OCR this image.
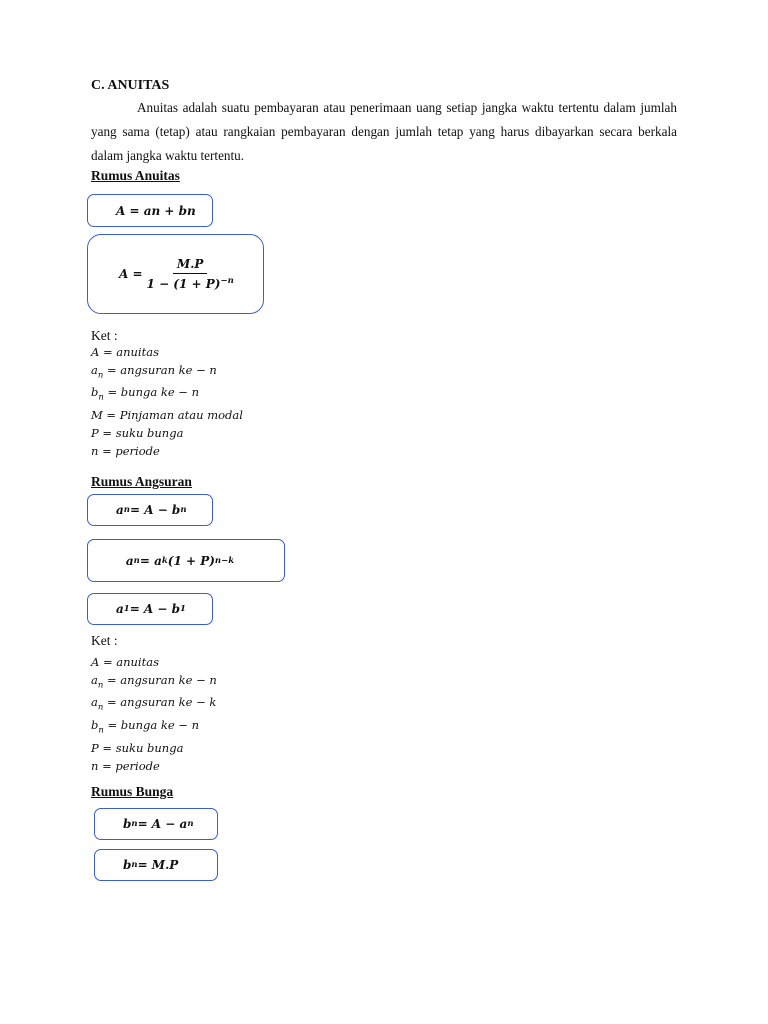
C. ANUITAS

Anuitas adalah suatu pembayaran atau penerimaan uang setiap jangka waktu tertentu dalam jumlah yang sama (tetap) atau rangkaian pembayaran dengan jumlah tetap yang harus dibayarkan secara berkala dalam jangka waktu tertentu.

Rumus Anuitas
A = an + bn
$A = \frac{M.P}{1 - (1 + P)^{-n}}$
Ket :
A = anuitas
$a_n$ = angsuran ke − n
$b_n$ = bunga ke − n
M = Pinjaman atau modal
P = suku bunga
n = periode
Rumus Angsuran
a n = A − b n
a n = a k (1 + P) n−k
a 1 = A − b 1
Ket :
A = anuitas
$a_n$ = angsuran ke − n
$a_n$ = angsuran ke − k
$b_n$ = bunga ke − n
P = suku bunga
n = periode
Rumus Bunga
b n = A − a n
b n = M.P
